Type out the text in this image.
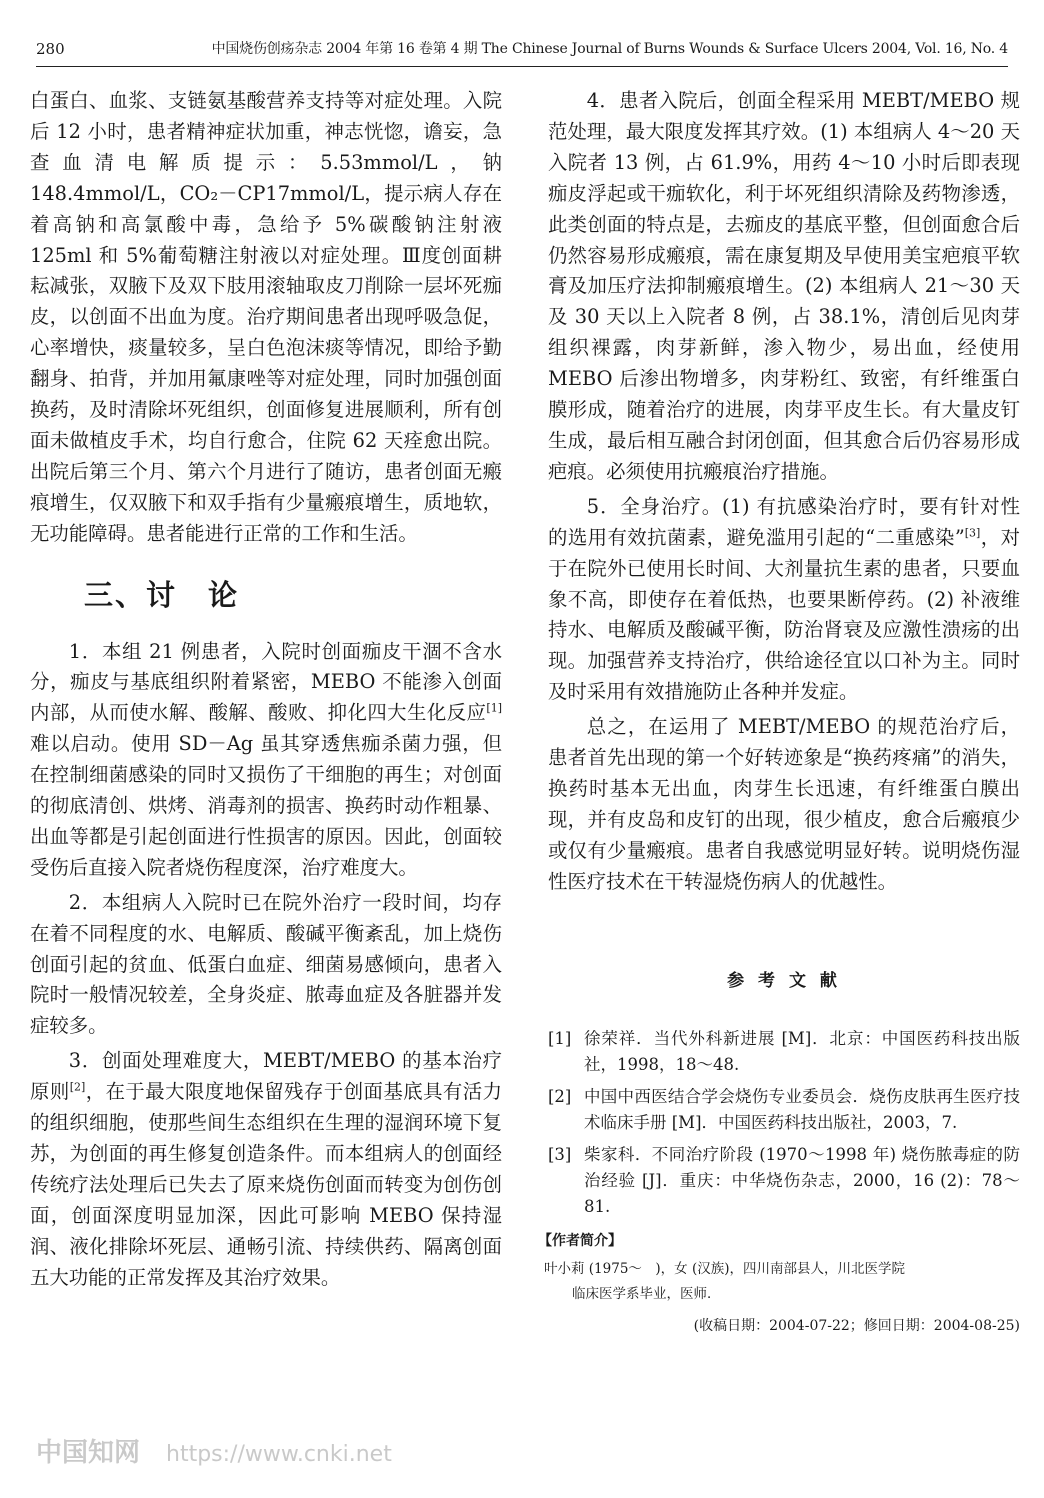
280	中国烧伤创疡杂志 2004 年第 16 卷第 4 期 The Chinese Journal of Burns Wounds & Surface Ulcers 2004, Vol. 16, No. 4

白蛋白、血浆、支链氨基酸营养支持等对症处理。入院后 12 小时，患者精神症状加重，神志恍惚，谵妄，急查血清电解质提示：5.53mmol/L，钠 148.4mmol/L，CO₂－CP17mmol/L，提示病人存在着高钠和高氯酸中毒，急给予 5%碳酸钠注射液 125ml 和 5%葡萄糖注射液以对症处理。Ⅲ度创面耕耘减张，双腋下及双下肢用滚轴取皮刀削除一层坏死痂皮，以创面不出血为度。治疗期间患者出现呼吸急促，心率增快，痰量较多，呈白色泡沫痰等情况，即给予勤翻身、拍背，并加用氟康唑等对症处理，同时加强创面换药，及时清除坏死组织，创面修复进展顺利，所有创面未做植皮手术，均自行愈合，住院 62 天痊愈出院。出院后第三个月、第六个月进行了随访，患者创面无瘢痕增生，仅双腋下和双手指有少量瘢痕增生，质地软，无功能障碍。患者能进行正常的工作和生活。

三、讨　论

1．本组 21 例患者，入院时创面痂皮干涸不含水分，痂皮与基底组织附着紧密，MEBO 不能渗入创面内部，从而使水解、酸解、酸败、抑化四大生化反应[1]难以启动。使用 SD－Ag 虽其穿透焦痂杀菌力强，但在控制细菌感染的同时又损伤了干细胞的再生；对创面的彻底清创、烘烤、消毒剂的损害、换药时动作粗暴、出血等都是引起创面进行性损害的原因。因此，创面较受伤后直接入院者烧伤程度深，治疗难度大。

2．本组病人入院时已在院外治疗一段时间，均存在着不同程度的水、电解质、酸碱平衡紊乱，加上烧伤创面引起的贫血、低蛋白血症、细菌易感倾向，患者入院时一般情况较差，全身炎症、脓毒血症及各脏器并发症较多。

3．创面处理难度大，MEBT/MEBO 的基本治疗原则[2]，在于最大限度地保留残存于创面基底具有活力的组织细胞，使那些间生态组织在生理的湿润环境下复苏，为创面的再生修复创造条件。而本组病人的创面经传统疗法处理后已失去了原来烧伤创面而转变为创伤创面，创面深度明显加深，因此可影响 MEBO 保持湿润、液化排除坏死层、通畅引流、持续供药、隔离创面五大功能的正常发挥及其治疗效果。

4．患者入院后，创面全程采用 MEBT/MEBO 规范处理，最大限度发挥其疗效。(1) 本组病人 4～20 天入院者 13 例，占 61.9%，用药 4～10 小时后即表现痂皮浮起或干痂软化，利于坏死组织清除及药物渗透，此类创面的特点是，去痂皮的基底平整，但创面愈合后仍然容易形成瘢痕，需在康复期及早使用美宝疤痕平软膏及加压疗法抑制瘢痕增生。(2) 本组病人 21～30 天及 30 天以上入院者 8 例，占 38.1%，清创后见肉芽组织裸露，肉芽新鲜，渗入物少，易出血，经使用 MEBO 后渗出物增多，肉芽粉红、致密，有纤维蛋白膜形成，随着治疗的进展，肉芽平皮生长。有大量皮钉生成，最后相互融合封闭创面，但其愈合后仍容易形成疤痕。必须使用抗瘢痕治疗措施。

5．全身治疗。(1) 有抗感染治疗时，要有针对性的选用有效抗菌素，避免滥用引起的“二重感染”[3]，对于在院外已使用长时间、大剂量抗生素的患者，只要血象不高，即使存在着低热，也要果断停药。(2) 补液维持水、电解质及酸碱平衡，防治肾衰及应激性溃疡的出现。加强营养支持治疗，供给途径宜以口补为主。同时及时采用有效措施防止各种并发症。

总之，在运用了 MEBT/MEBO 的规范治疗后，患者首先出现的第一个好转迹象是“换药疼痛”的消失，换药时基本无出血，肉芽生长迅速，有纤维蛋白膜出现，并有皮岛和皮钉的出现，很少植皮，愈合后瘢痕少或仅有少量瘢痕。患者自我感觉明显好转。说明烧伤湿性医疗技术在干转湿烧伤病人的优越性。

参 考 文 献
[1] 徐荣祥．当代外科新进展 [M]．北京：中国医药科技出版社，1998，18～48.
[2] 中国中西医结合学会烧伤专业委员会．烧伤皮肤再生医疗技术临床手册 [M]．中国医药科技出版社，2003，7.
[3] 柴家科．不同治疗阶段 (1970～1998 年) 烧伤脓毒症的防治经验 [J]．重庆：中华烧伤杂志，2000，16 (2)：78～81.
【作者简介】
叶小莉 (1975～　)，女 (汉族)，四川南部县人，川北医学院
临床医学系毕业，医师．
(收稿日期：2004-07-22；修回日期：2004-08-25)
中国知网 https://www.cnki.net
